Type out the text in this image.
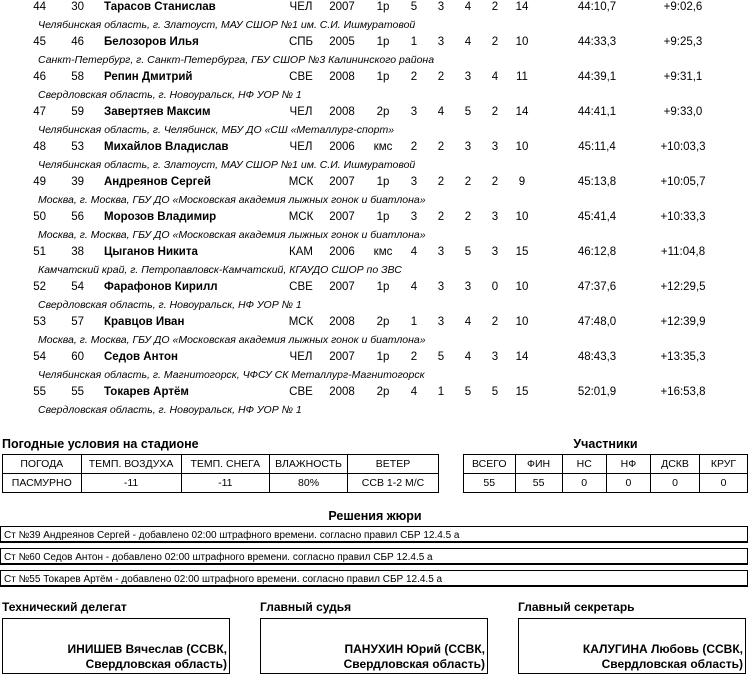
44	30 Тарасов Станислав	ЧЕЛ	2007	1р	5	3	4	2	14	44:10,7	+9:02,6
Челябинская область, г. Златоуст, МАУ СШОР №1 им. С.И. Ишмуратовой
45	46 Белозоров Илья	СПБ	2005	1р	1	3	4	2	10	44:33,3	+9:25,3
Санкт-Петербург, г. Санкт-Петербурга, ГБУ СШОР №3 Калининского района
46	58 Репин Дмитрий	СВЕ	2008	1р	2	2	3	4	11	44:39,1	+9:31,1
Свердловская область, г. Новоуральск, НФ УОР № 1
47	59 Завертяев Максим	ЧЕЛ	2008	2р	3	4	5	2	14	44:41,1	+9:33,0
Челябинская область, г. Челябинск, МБУ ДО «СШ «Металлург-спорт»
48	53 Михайлов Владислав	ЧЕЛ	2006	кмс	2	2	3	3	10	45:11,4	+10:03,3
Челябинская область, г. Златоуст, МАУ СШОР №1 им. С.И. Ишмуратовой
49	39 Андреянов Сергей	МСК	2007	1р	3	2	2	2	9	45:13,8	+10:05,7
Москва, г. Москва, ГБУ ДО «Московская академия лыжных гонок и биатлона»
50	56 Морозов Владимир	МСК	2007	1р	3	2	2	3	10	45:41,4	+10:33,3
Москва, г. Москва, ГБУ ДО «Московская академия лыжных гонок и биатлона»
51	38 Цыганов Никита	КАМ	2006	кмс	4	3	5	3	15	46:12,8	+11:04,8
Камчатский край, г. Петропавловск-Камчатский, КГАУДО СШОР по ЗВС
52	54 Фарафонов Кирилл	СВЕ	2007	1р	4	3	3	0	10	47:37,6	+12:29,5
Свердловская область, г. Новоуральск, НФ УОР № 1
53	57 Кравцов Иван	МСК	2008	2р	1	3	4	2	10	47:48,0	+12:39,9
Москва, г. Москва, ГБУ ДО «Московская академия лыжных гонок и биатлона»
54	60 Седов Антон	ЧЕЛ	2007	1р	2	5	4	3	14	48:43,3	+13:35,3
Челябинская область, г. Магнитогорск, ЧФСУ СК Металлург-Магнитогорск
55	55 Токарев Артём	СВЕ	2008	2р	4	1	5	5	15	52:01,9	+16:53,8
Свердловская область, г. Новоуральск, НФ УОР № 1
Погодные условия на стадионе
ПОГОДА	ТЕМП. ВОЗДУХА	ТЕМП. СНЕГА	ВЛАЖНОСТЬ	ВЕТЕР
ПАСМУРНО	-11	-11	80%	ССВ 1-2 М/С
Участники
ВСЕГО	ФИН	НС	НФ	ДСКВ	КРУГ
55	55	0	0	0	0
Решения жюри
Ст №39 Андреянов Сергей - добавлено 02:00 штрафного времени. согласно правил СБР 12.4.5 а
Ст №60 Седов Антон - добавлено 02:00 штрафного времени. согласно правил СБР 12.4.5 а
Ст №55 Токарев Артём - добавлено 02:00 штрафного времени. согласно правил СБР 12.4.5 а
Технический делегат
ИНИШЕВ Вячеслав (ССВК, Свердловская область)
Главный судья
ПАНУХИН Юрий (ССВК, Свердловская область)
Главный секретарь
КАЛУГИНА Любовь (ССВК, Свердловская область)
